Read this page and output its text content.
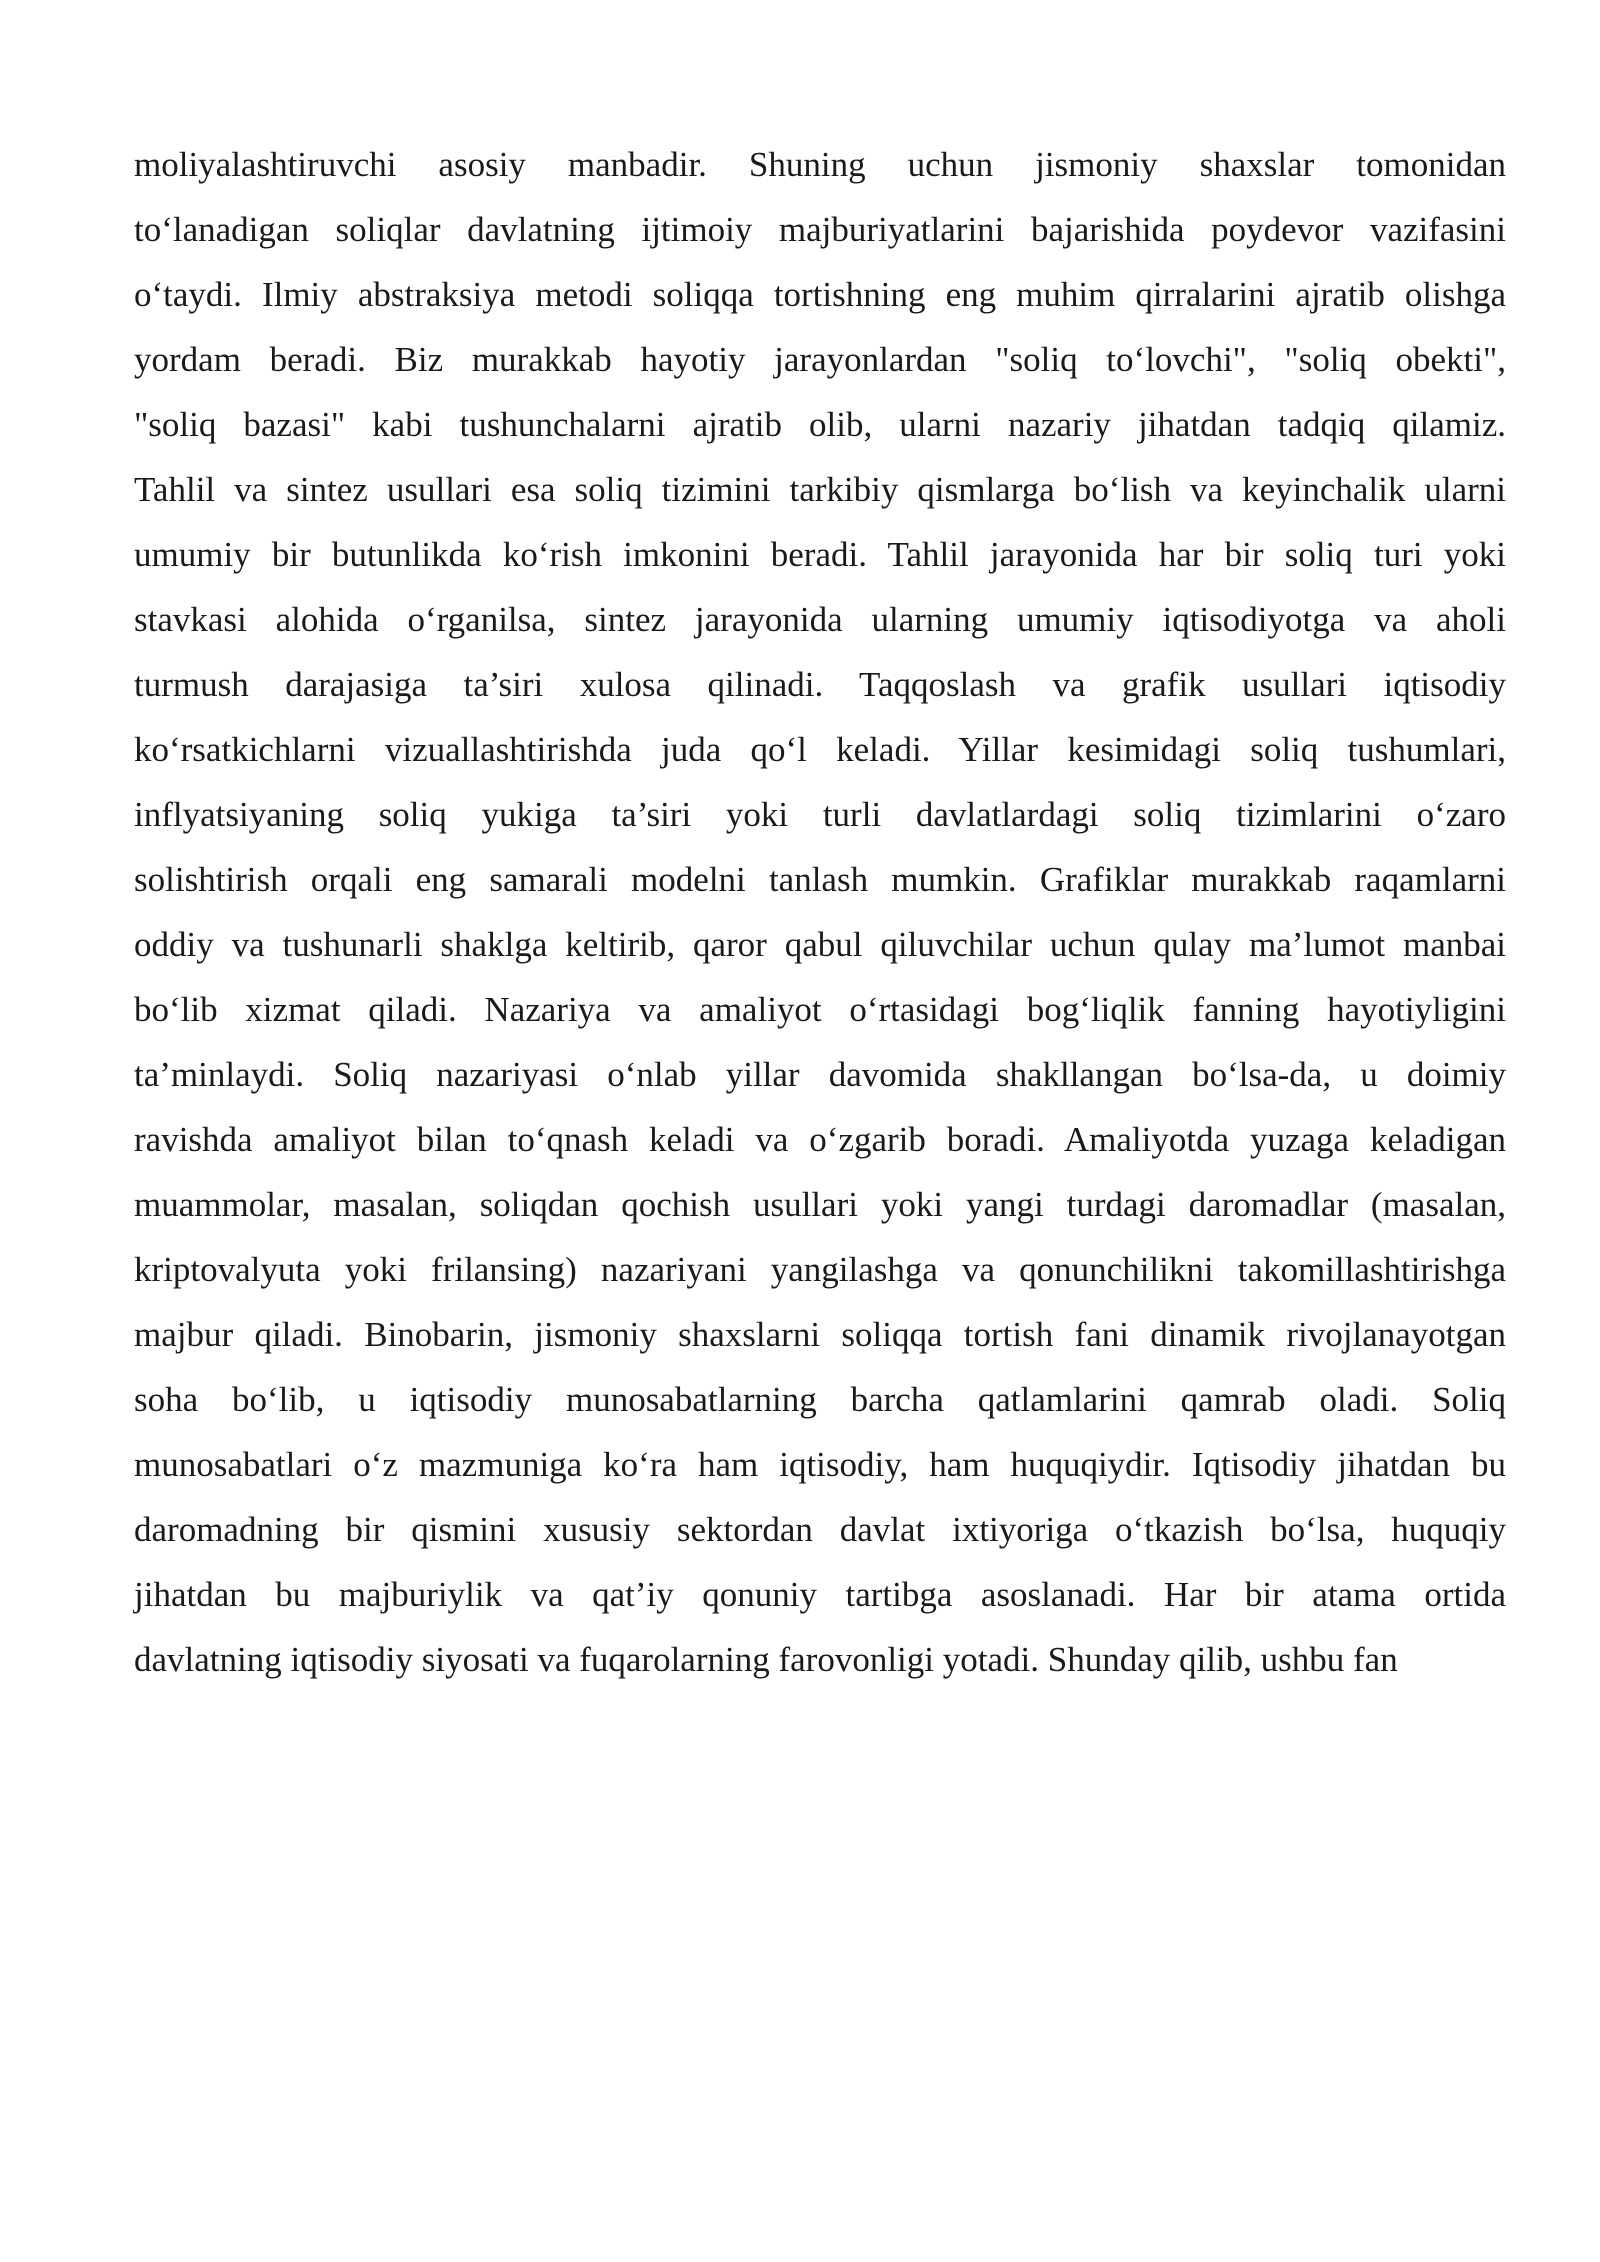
moliyalashtiruvchi asosiy manbadir. Shuning uchun jismoniy shaxslar tomonidan
to‘lanadigan soliqlar davlatning ijtimoiy majburiyatlarini bajarishida poydevor vazifasini
o‘taydi. Ilmiy abstraksiya metodi soliqqa tortishning eng muhim qirralarini ajratib olishga
yordam beradi. Biz murakkab hayotiy jarayonlardan "soliq to‘lovchi", "soliq obekti",
"soliq bazasi" kabi tushunchalarni ajratib olib, ularni nazariy jihatdan tadqiq qilamiz.
Tahlil va sintez usullari esa soliq tizimini tarkibiy qismlarga bo‘lish va keyinchalik ularni
umumiy bir butunlikda ko‘rish imkonini beradi. Tahlil jarayonida har bir soliq turi yoki
stavkasi alohida o‘rganilsa, sintez jarayonida ularning umumiy iqtisodiyotga va aholi
turmush darajasiga ta’siri xulosa qilinadi. Taqqoslash va grafik usullari iqtisodiy
ko‘rsatkichlarni vizuallashtirishda juda qo‘l keladi. Yillar kesimidagi soliq tushumlari,
inflyatsiyaning soliq yukiga ta’siri yoki turli davlatlardagi soliq tizimlarini o‘zaro
solishtirish orqali eng samarali modelni tanlash mumkin. Grafiklar murakkab raqamlarni
oddiy va tushunarli shaklga keltirib, qaror qabul qiluvchilar uchun qulay ma’lumot manbai
bo‘lib xizmat qiladi. Nazariya va amaliyot o‘rtasidagi bog‘liqlik fanning hayotiyligini
ta’minlaydi. Soliq nazariyasi o‘nlab yillar davomida shakllangan bo‘lsa-da, u doimiy
ravishda amaliyot bilan to‘qnash keladi va o‘zgarib boradi. Amaliyotda yuzaga keladigan
muammolar, masalan, soliqdan qochish usullari yoki yangi turdagi daromadlar (masalan,
kriptovalyuta yoki frilansing) nazariyani yangilashga va qonunchilikni takomillashtirishga
majbur qiladi. Binobarin, jismoniy shaxslarni soliqqa tortish fani dinamik rivojlanayotgan
soha bo‘lib, u iqtisodiy munosabatlarning barcha qatlamlarini qamrab oladi. Soliq
munosabatlari o‘z mazmuniga ko‘ra ham iqtisodiy, ham huquqiydir. Iqtisodiy jihatdan bu
daromadning bir qismini xususiy sektordan davlat ixtiyoriga o‘tkazish bo‘lsa, huquqiy
jihatdan bu majburiylik va qat’iy qonuniy tartibga asoslanadi. Har bir atama ortida
davlatning iqtisodiy siyosati va fuqarolarning farovonligi yotadi. Shunday qilib, ushbu fan
